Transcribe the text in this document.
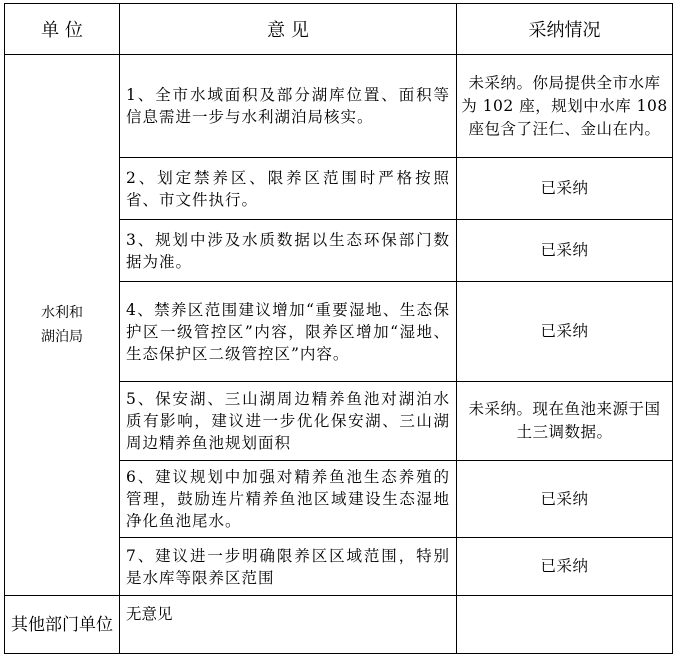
单 位	意 见	采纳情况

水利和
湖泊局	1、全市水域面积及部分湖库位置、面积等信息需进一步与水利湖泊局核实。	未采纳。你局提供全市水库为 102 座，规划中水库 108 座包含了汪仁、金山在内。
	2、划定禁养区、限养区范围时严格按照省、市文件执行。	已采纳
	3、规划中涉及水质数据以生态环保部门数据为准。	已采纳
	4、禁养区范围建议增加“重要湿地、生态保护区一级管控区”内容，限养区增加“湿地、生态保护区二级管控区”内容。	已采纳
	5、保安湖、三山湖周边精养鱼池对湖泊水质有影响，建议进一步优化保安湖、三山湖周边精养鱼池规划面积	未采纳。现在鱼池来源于国土三调数据。
	6、建议规划中加强对精养鱼池生态养殖的管理，鼓励连片精养鱼池区域建设生态湿地净化鱼池尾水。	已采纳
	7、建议进一步明确限养区区域范围，特别是水库等限养区范围	已采纳
其他部门单位	无意见	
